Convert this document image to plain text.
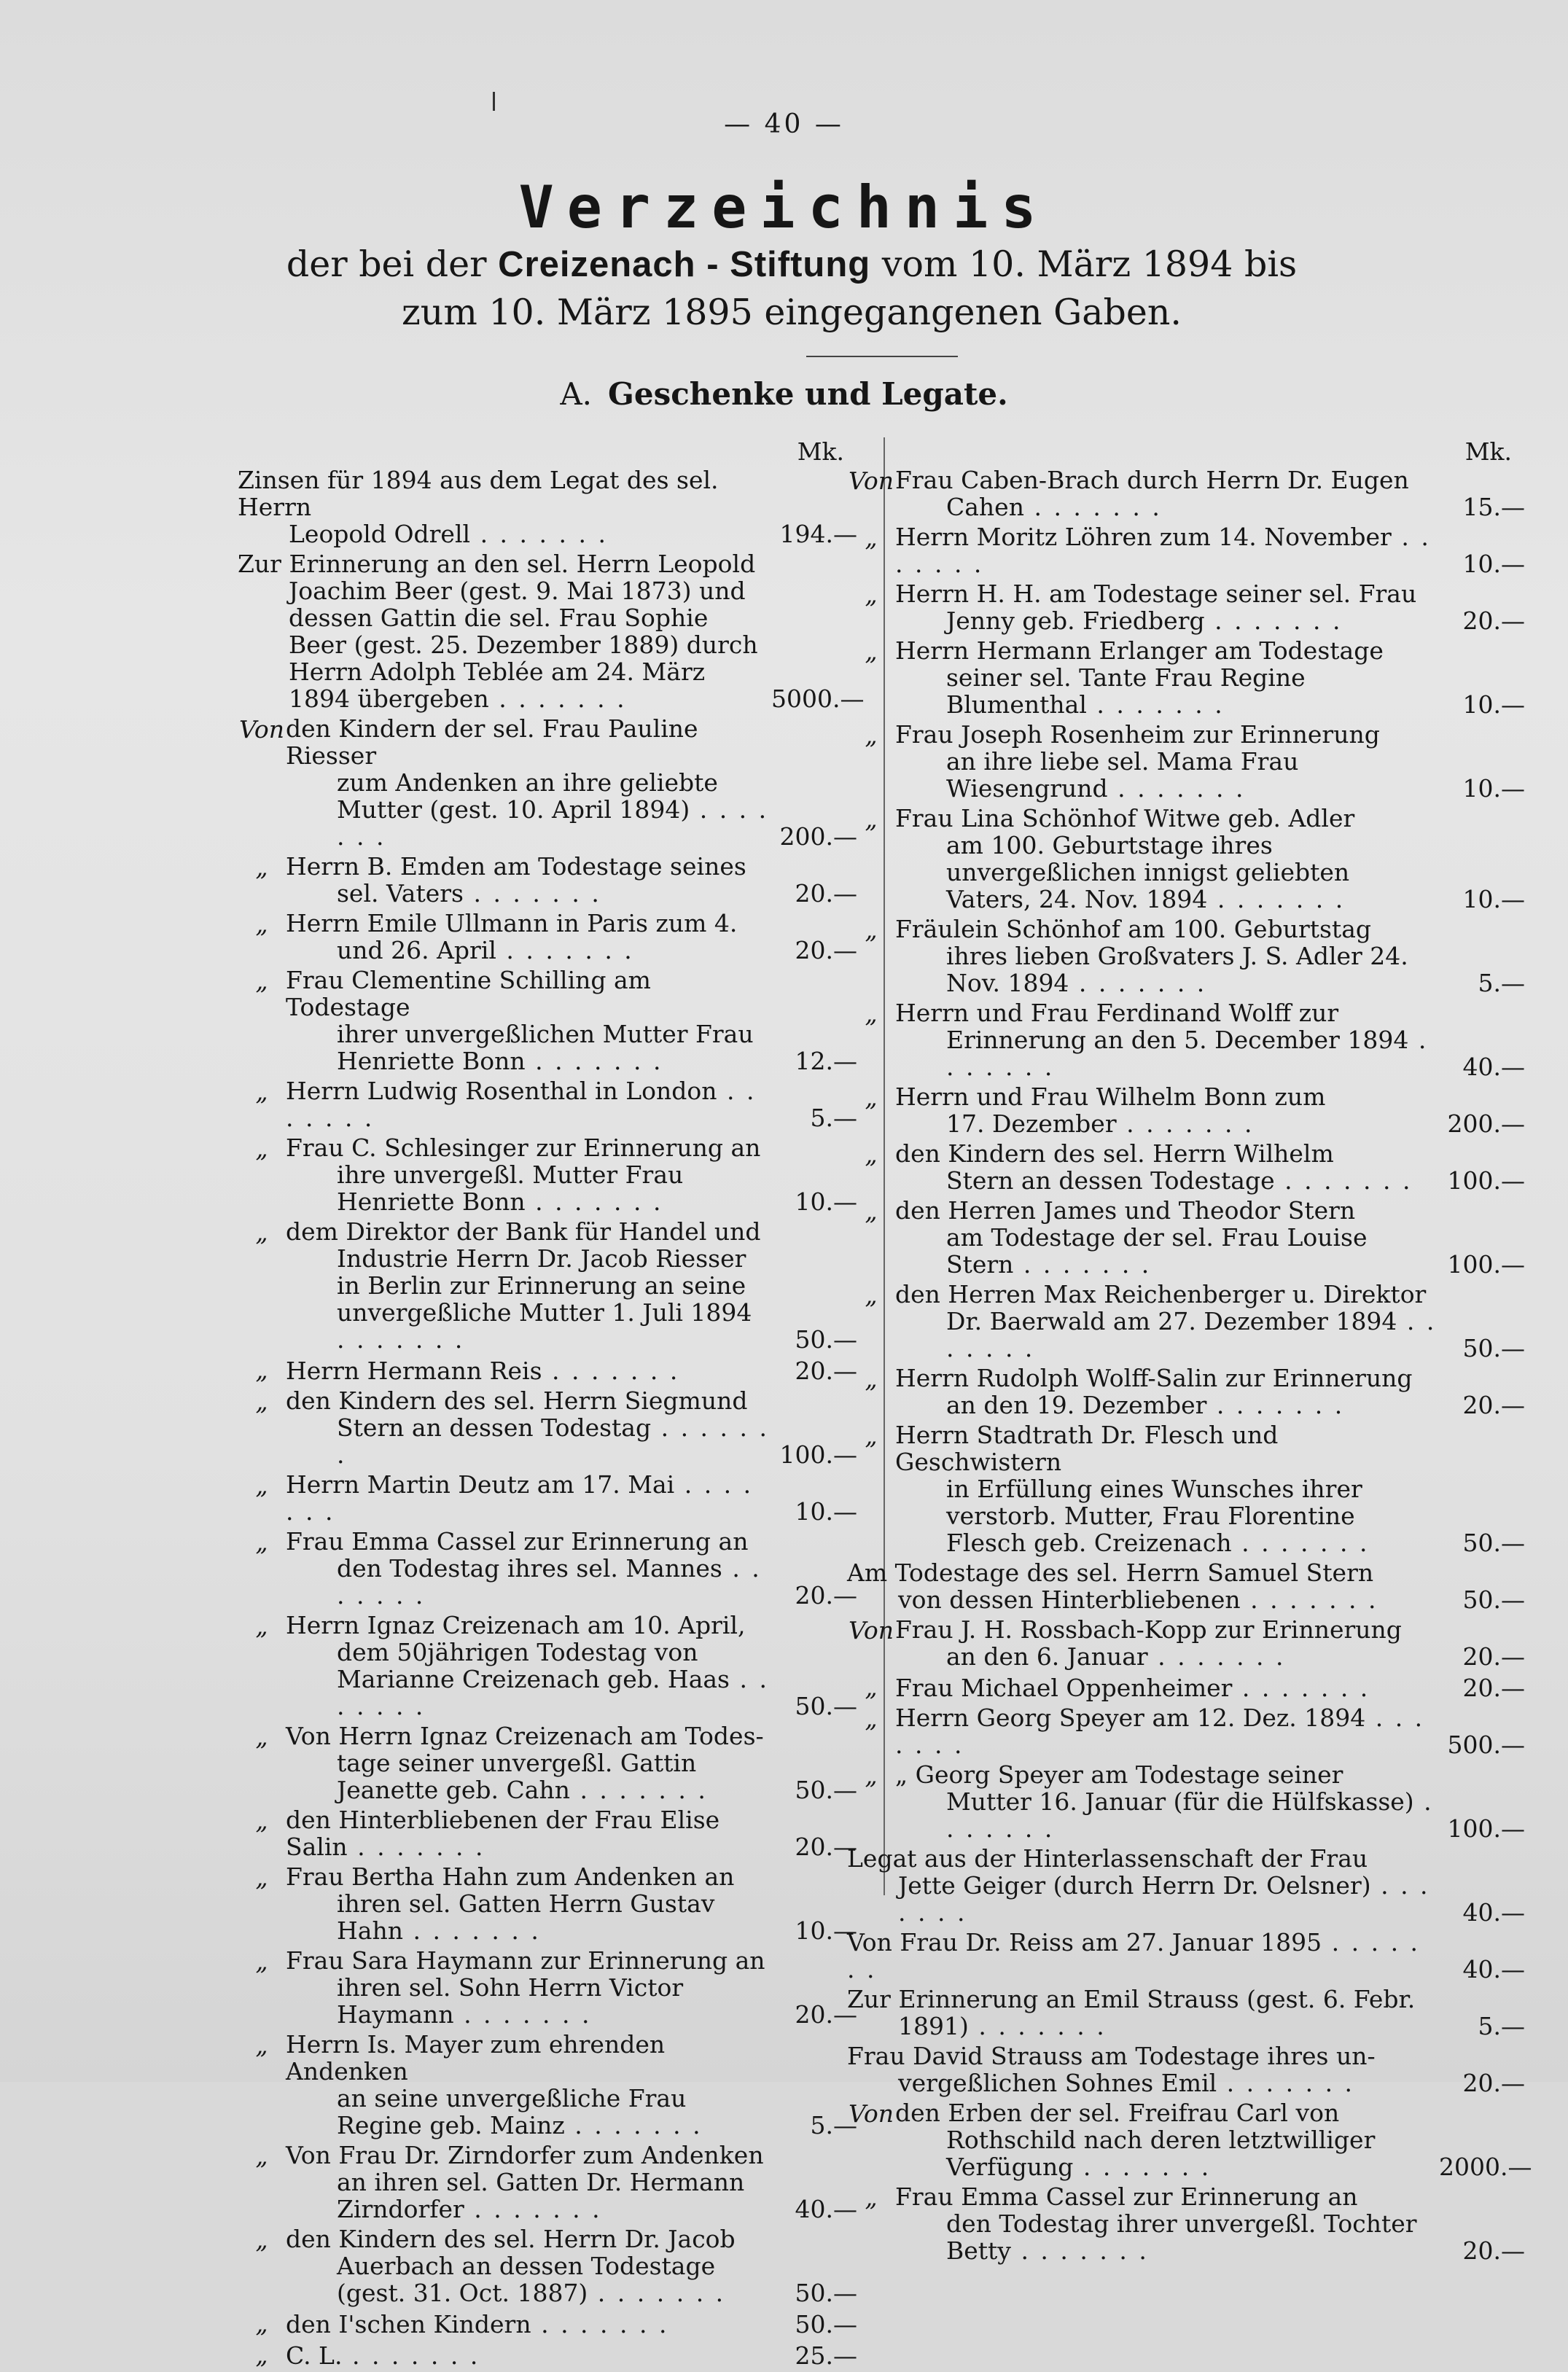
— 40 —
Verzeichnis
der bei der Creizenach - Stiftung vom 10. März 1894 bis zum 10. März 1895 eingegangenen Gaben.
A. Geschenke und Legate.
Mk.
Zinsen für 1894 aus dem Legat des sel. Herrn
Leopold Odrell . . .	194.—
Zur Erinnerung an den sel. Herrn Leopold
Joachim Beer (gest. 9. Mai 1873) und dessen Gattin die sel. Frau Sophie Beer (gest. 25. Dezember 1889) durch Herrn Adolph Teblée am 24. März 1894 übergeben . . .	5000.—
Von den Kindern der sel. Frau Pauline Riesser
zum Andenken an ihre geliebte Mutter (gest. 10. April 1894) . . .
200.—
„ Herrn B. Emden am Todestage seines
sel. Vaters . . .	20.—
„ Herrn Emile Ullmann in Paris zum 4.
und 26. April . . .	20.—
„ Frau Clementine Schilling am Todestage
ihrer unvergeßlichen Mutter Frau Henriette Bonn . . .	12.—
„ Herrn Ludwig Rosenthal in London . . .
5.—
„ Frau C. Schlesinger zur Erinnerung an
ihre unvergeßl. Mutter Frau Henriette Bonn . . .	10.—
„ dem Direktor der Bank für Handel und
Industrie Herrn Dr. Jacob Riesser in Berlin zur Erinnerung an seine unvergeßliche Mutter 1. Juli 1894 . . .
50.—
„ Herrn Hermann Reis . . .	20.—
„ den Kindern des sel. Herrn Siegmund
Stern an dessen Todestag . . .
100.—
„ Herrn Martin Deutz am 17. Mai . . .
10.—
„ Frau Emma Cassel zur Erinnerung an
den Todestag ihres sel. Mannes . . .
20.—
„ Herrn Ignaz Creizenach am 10. April,
dem 50jährigen Todestag von Marianne Creizenach geb. Haas . . .
50.—
„ Von Herrn Ignaz Creizenach am Todes-
tage seiner unvergeßl. Gattin Jeanette geb. Cahn . . .	50.—
„ den Hinterbliebenen der Frau Elise Salin . . .	20.—
„ Frau Bertha Hahn zum Andenken an
ihren sel. Gatten Herrn Gustav Hahn . . .	10.—
„ Frau Sara Haymann zur Erinnerung an
ihren sel. Sohn Herrn Victor Haymann . . .	20.—
„ Herrn Is. Mayer zum ehrenden Andenken
an seine unvergeßliche Frau Regine geb. Mainz . . .	5.—
„ Von Frau Dr. Zirndorfer zum Andenken
an ihren sel. Gatten Dr. Hermann Zirndorfer . . .	40.—
„ den Kindern des sel. Herrn Dr. Jacob
Auerbach an dessen Todestage (gest. 31. Oct. 1887) . . .	50.—
„ den I'schen Kindern . . .	50.—
„ C. L. . . .	25.—
Mk.
Von Frau Caben-Brach durch Herrn Dr. Eugen
Cahen . . .	15.—
„ Herrn Moritz Löhren zum 14. November . . .
10.—
„ Herrn H. H. am Todestage seiner sel. Frau
Jenny geb. Friedberg . . .	20.—
„ Herrn Hermann Erlanger am Todestage
seiner sel. Tante Frau Regine Blumenthal . . .	10.—
„ Frau Joseph Rosenheim zur Erinnerung
an ihre liebe sel. Mama Frau Wiesengrund . . .	10.—
„ Frau Lina Schönhof Witwe geb. Adler
am 100. Geburtstage ihres unvergeßlichen innigst geliebten Vaters, 24. Nov. 1894 . . .	10.—
„ Fräulein Schönhof am 100. Geburtstag
ihres lieben Großvaters J. S. Adler 24. Nov. 1894 . . .	5.—
„ Herrn und Frau Ferdinand Wolff zur
Erinnerung an den 5. December 1894 . . .
40.—
„ Herrn und Frau Wilhelm Bonn zum
17. Dezember . . .	200.—
„ den Kindern des sel. Herrn Wilhelm
Stern an dessen Todestage . . .	100.—
„ den Herren James und Theodor Stern
am Todestage der sel. Frau Louise Stern . . .	100.—
„ den Herren Max Reichenberger u. Direktor
Dr. Baerwald am 27. Dezember 1894 . . .
50.—
„ Herrn Rudolph Wolff-Salin zur Erinnerung
an den 19. Dezember . . .	20.—
„ Herrn Stadtrath Dr. Flesch und Geschwistern
in Erfüllung eines Wunsches ihrer verstorb. Mutter, Frau Florentine Flesch geb. Creizenach . . .	50.—
Am Todestage des sel. Herrn Samuel Stern
von dessen Hinterbliebenen . . .	50.—
Von Frau J. H. Rossbach-Kopp zur Erinnerung
an den 6. Januar . . .	20.—
„ Frau Michael Oppenheimer . . .	20.—
„ Herrn Georg Speyer am 12. Dez. 1894 . . .
500.—
„ „ Georg Speyer am Todestage seiner
Mutter 16. Januar (für die Hülfskasse) . . .
100.—
Legat aus der Hinterlassenschaft der Frau
Jette Geiger (durch Herrn Dr. Oelsner) . . .
40.—
Von Frau Dr. Reiss am 27. Januar 1895 . . .
40.—
Zur Erinnerung an Emil Strauss (gest. 6. Febr.
1891) . . .	5.—
Frau David Strauss am Todestage ihres un-
vergeßlichen Sohnes Emil . . .	20.—
Von den Erben der sel. Freifrau Carl von
Rothschild nach deren letztwilliger Verfügung . . .	2000.—
„ Frau Emma Cassel zur Erinnerung an
den Todestag ihrer unvergeßl. Tochter Betty . . .	20.—
